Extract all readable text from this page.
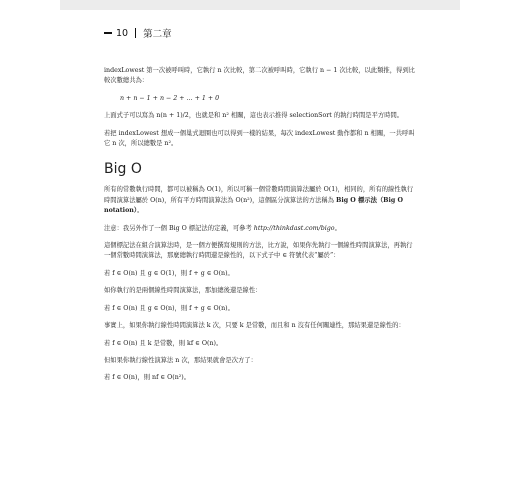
10 第二章

indexLowest 第一次被呼叫時，它執行 n 次比較，第二次被呼叫時，它執行 n − 1 次比較，以此類推，得到比較次數總共為：

n + n − 1 + n − 2 + ... + 1 + 0

上面式子可以寫為 n(n + 1)/2，也就是和 n² 相關，這也表示推得 selectionSort 的執行時間是平方時間。

若把 indexLowest 想成一個巢式迴圈也可以得到一樣的結果，每次 indexLowest 動作都和 n 相關，一共呼叫它 n 次，所以總數是 n²。

Big O

所有的常數執行時間，都可以被稱為 O(1)，所以可稱一個常數時間演算法屬於 O(1)，相同的，所有的線性執行時間演算法屬於 O(n)，所有平方時間演算法為 O(n²)，這個區分演算法的方法稱為 Big O 標示法（Big O notation）。

注意：我另外作了一個 Big O 標記法的定義，可參考 http://thinkdast.com/bigo。

這個標記法在組合演算法時，是一個方便撰寫規則的方法，比方說，如果你先執行一個線性時間演算法，再執行一個常數時間演算法，那麼總執行時間還是線性的，以下式子中 ∈ 符號代表“屬於”：

若 f ∈ O(n) 且 g ∈ O(1)，則 f + g ∈ O(n)。

如你執行的是兩個線性時間演算法，那加總後還是線性：

若 f ∈ O(n) 且 g ∈ O(n)，則 f + g ∈ O(n)。

事實上，如果你執行線性時間演算法 k 次，只要 k 是常數，而且和 n 沒有任何關連性，那結果還是線性的：

若 f ∈ O(n) 且 k 是常數，則 kf ∈ O(n)。

但如果你執行線性演算法 n 次，那結果就會是次方了：

若 f ∈ O(n)，則 nf ∈ O(n²)。
